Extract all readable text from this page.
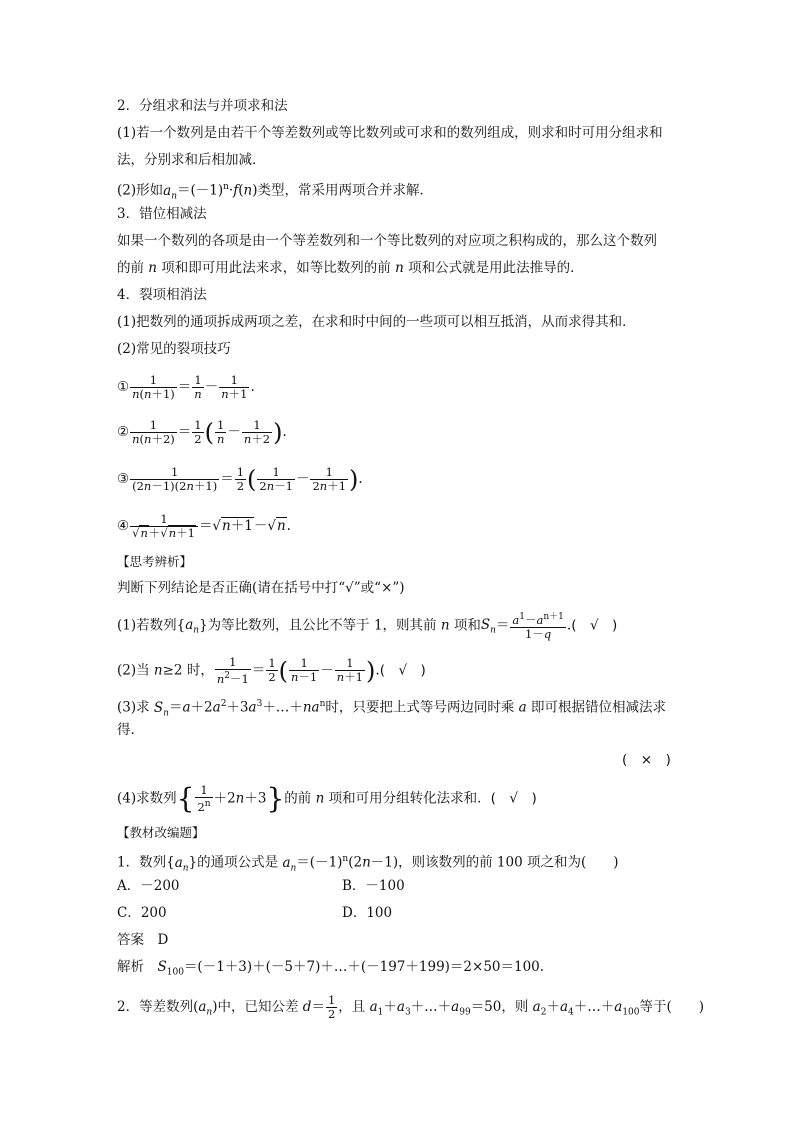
2．分组求和法与并项求和法
(1)若一个数列是由若干个等差数列或等比数列或可求和的数列组成，则求和时可用分组求和
法，分别求和后相加减．
(2)形如$a_n=(-1)^n\cdot f(n)$类型，常采用两项合并求解．
3．错位相减法
如果一个数列的各项是由一个等差数列和一个等比数列的对应项之积构成的，那么这个数列
的前 n 项和即可用此法来求，如等比数列的前 n 项和公式就是用此法推导的．
4．裂项相消法
(1)把数列的通项拆成两项之差，在求和时中间的一些项可以相互抵消，从而求得其和．
(2)常见的裂项技巧
① $\frac{1}{n(n+1)} = \frac{1}{n} - \frac{1}{n+1}$ .
② $\frac{1}{n(n+2)} = \frac{1}{2}$ ( $\frac{1}{n} - \frac{1}{n+2}$ ).
③ $\frac{1}{(2n-1)(2n+1)} = \frac{1}{2}$ ( $\frac{1}{2n-1} - \frac{1}{2n+1}$ ).
④ $\frac{1}{√n+√n+1} =√n+1-√n$.
【思考辨析】
判断下列结论是否正确(请在括号中打“√”或“×”)
(1)若数列$\{a_n\}$为等比数列，且公比不等于 1，则其前 n 项和$S_n= \frac{a^1-a^{n+1}}{1-q}$ .(　√　)
(2)当 n≥2 时， $\frac{1}{n^2-1} = \frac{1}{2}$ ( $\frac{1}{n-1} - \frac{1}{n+1}$ ).(　√　)
(3)求 $S_n=a+2a^2+3a^3+\dots+na^n$时，只要把上式等号两边同时乘 a 即可根据错位相减法求
得．
(　×　)
(4)求数列{ $\frac{1}{2^n} +2n+3$}的前 n 项和可用分组转化法求和．(　√　)
【教材改编题】
1．数列$\{a_n\}$的通项公式是 $a_n=(-1)^n(2n-1)$，则该数列的前 100 项之和为(　　)
A．－200	B．－100
C．200	D．100
答案　D
解析　 $S_{100}=(-1+3)+(-5+7)+\dots+(-197+199)=2\times 50=100$.
2．等差数列$(a_n)$中，已知公差 $d= \frac{1}{2}$ ，且 $a_1+a_3+\dots+a_{99}=50$，则 $a_2+a_4+\dots+a_{100}$等于(　　)
